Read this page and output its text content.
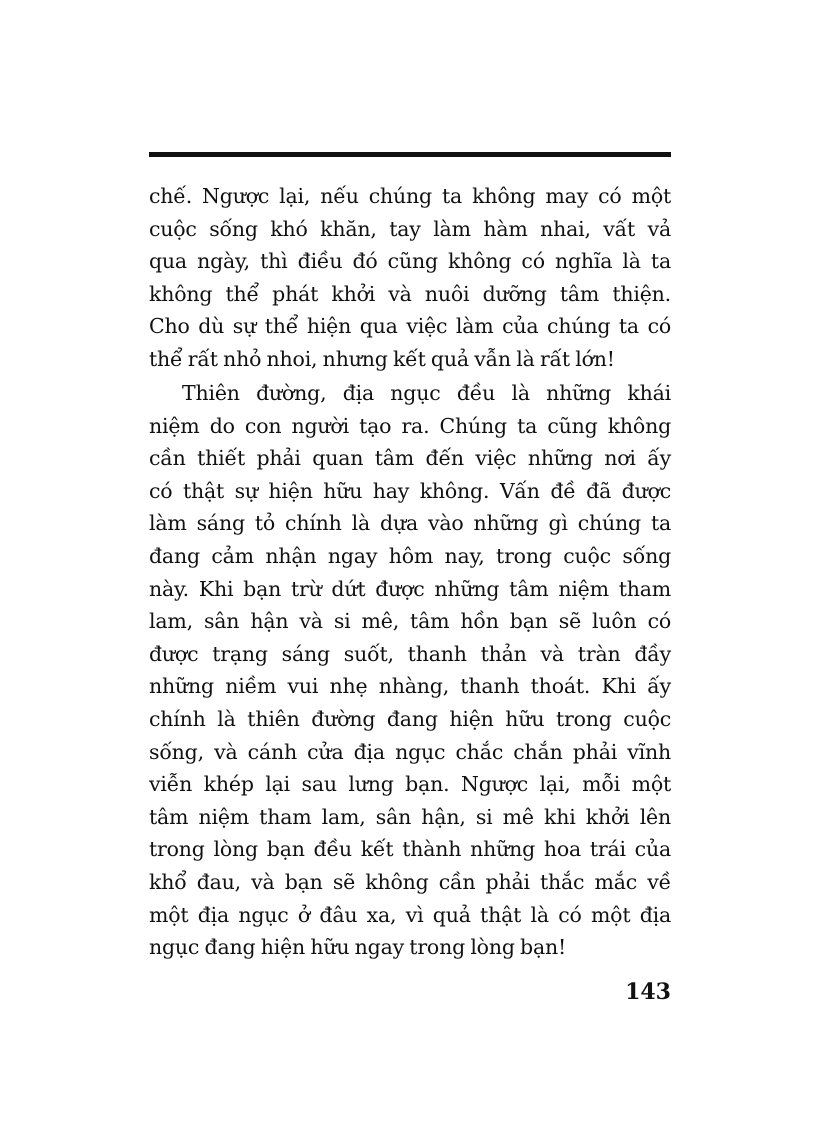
chế. Ngược lại, nếu chúng ta không may có một
cuộc sống khó khăn, tay làm hàm nhai, vất vả
qua ngày, thì điều đó cũng không có nghĩa là ta
không thể phát khởi và nuôi dưỡng tâm thiện.
Cho dù sự thể hiện qua việc làm của chúng ta có
thể rất nhỏ nhoi, nhưng kết quả vẫn là rất lớn!
Thiên đường, địa ngục đều là những khái
niệm do con người tạo ra. Chúng ta cũng không
cần thiết phải quan tâm đến việc những nơi ấy
có thật sự hiện hữu hay không. Vấn đề đã được
làm sáng tỏ chính là dựa vào những gì chúng ta
đang cảm nhận ngay hôm nay, trong cuộc sống
này. Khi bạn trừ dứt được những tâm niệm tham
lam, sân hận và si mê, tâm hồn bạn sẽ luôn có
được trạng sáng suốt, thanh thản và tràn đầy
những niềm vui nhẹ nhàng, thanh thoát. Khi ấy
chính là thiên đường đang hiện hữu trong cuộc
sống, và cánh cửa địa ngục chắc chắn phải vĩnh
viễn khép lại sau lưng bạn. Ngược lại, mỗi một
tâm niệm tham lam, sân hận, si mê khi khởi lên
trong lòng bạn đều kết thành những hoa trái của
khổ đau, và bạn sẽ không cần phải thắc mắc về
một địa ngục ở đâu xa, vì quả thật là có một địa
ngục đang hiện hữu ngay trong lòng bạn!
143
